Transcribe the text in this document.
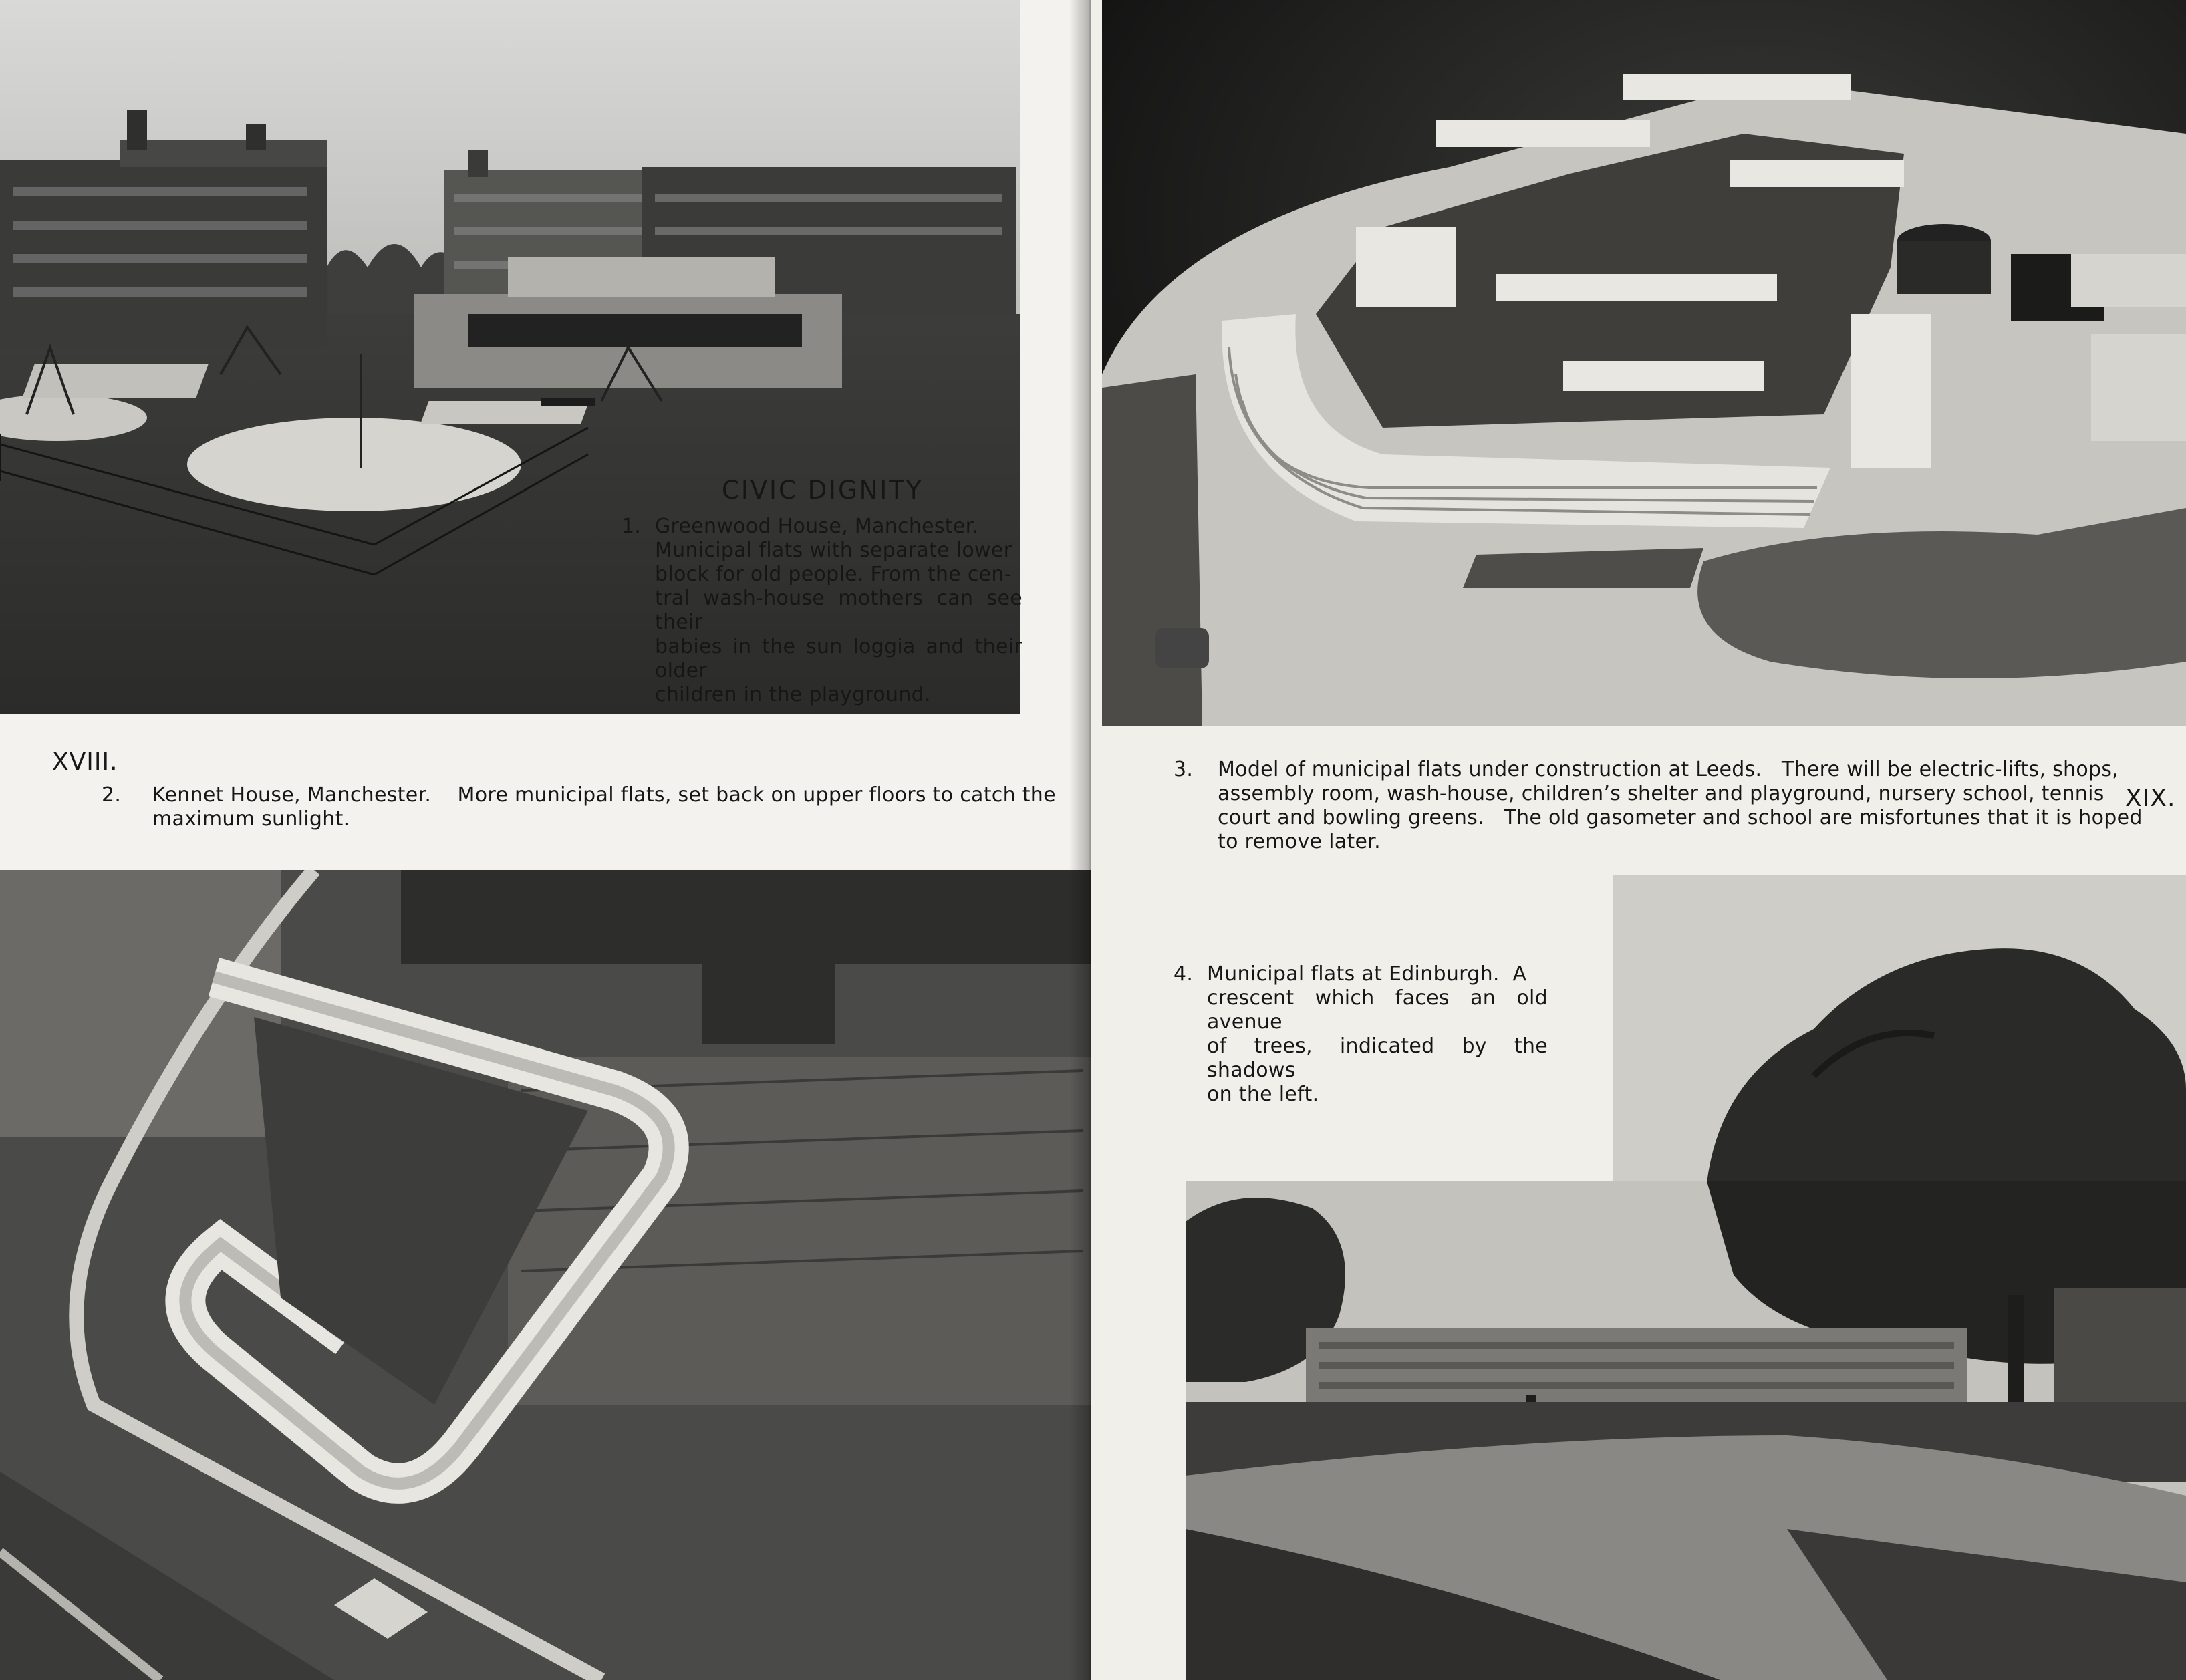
CIVIC DIGNITY
1. Greenwood House, Manchester.
Municipal flats with separate lower
block for old people. From the cen-
tral wash-house mothers can see their
babies in the sun loggia and their older
children in the playground.
XVIII.
2. Kennet House, Manchester.    More municipal flats, set back on upper floors to catch the
maximum sunlight.
3. Model of municipal flats under construction at Leeds.   There will be electric-lifts, shops,
assembly room, wash-house, children’s shelter and playground, nursery school, tennis
court and bowling greens.   The old gasometer and school are misfortunes that it is hoped
to remove later.
XIX.
4. Municipal flats at Edinburgh.  A
crescent which faces an old avenue
of trees, indicated by the shadows
on the left.
